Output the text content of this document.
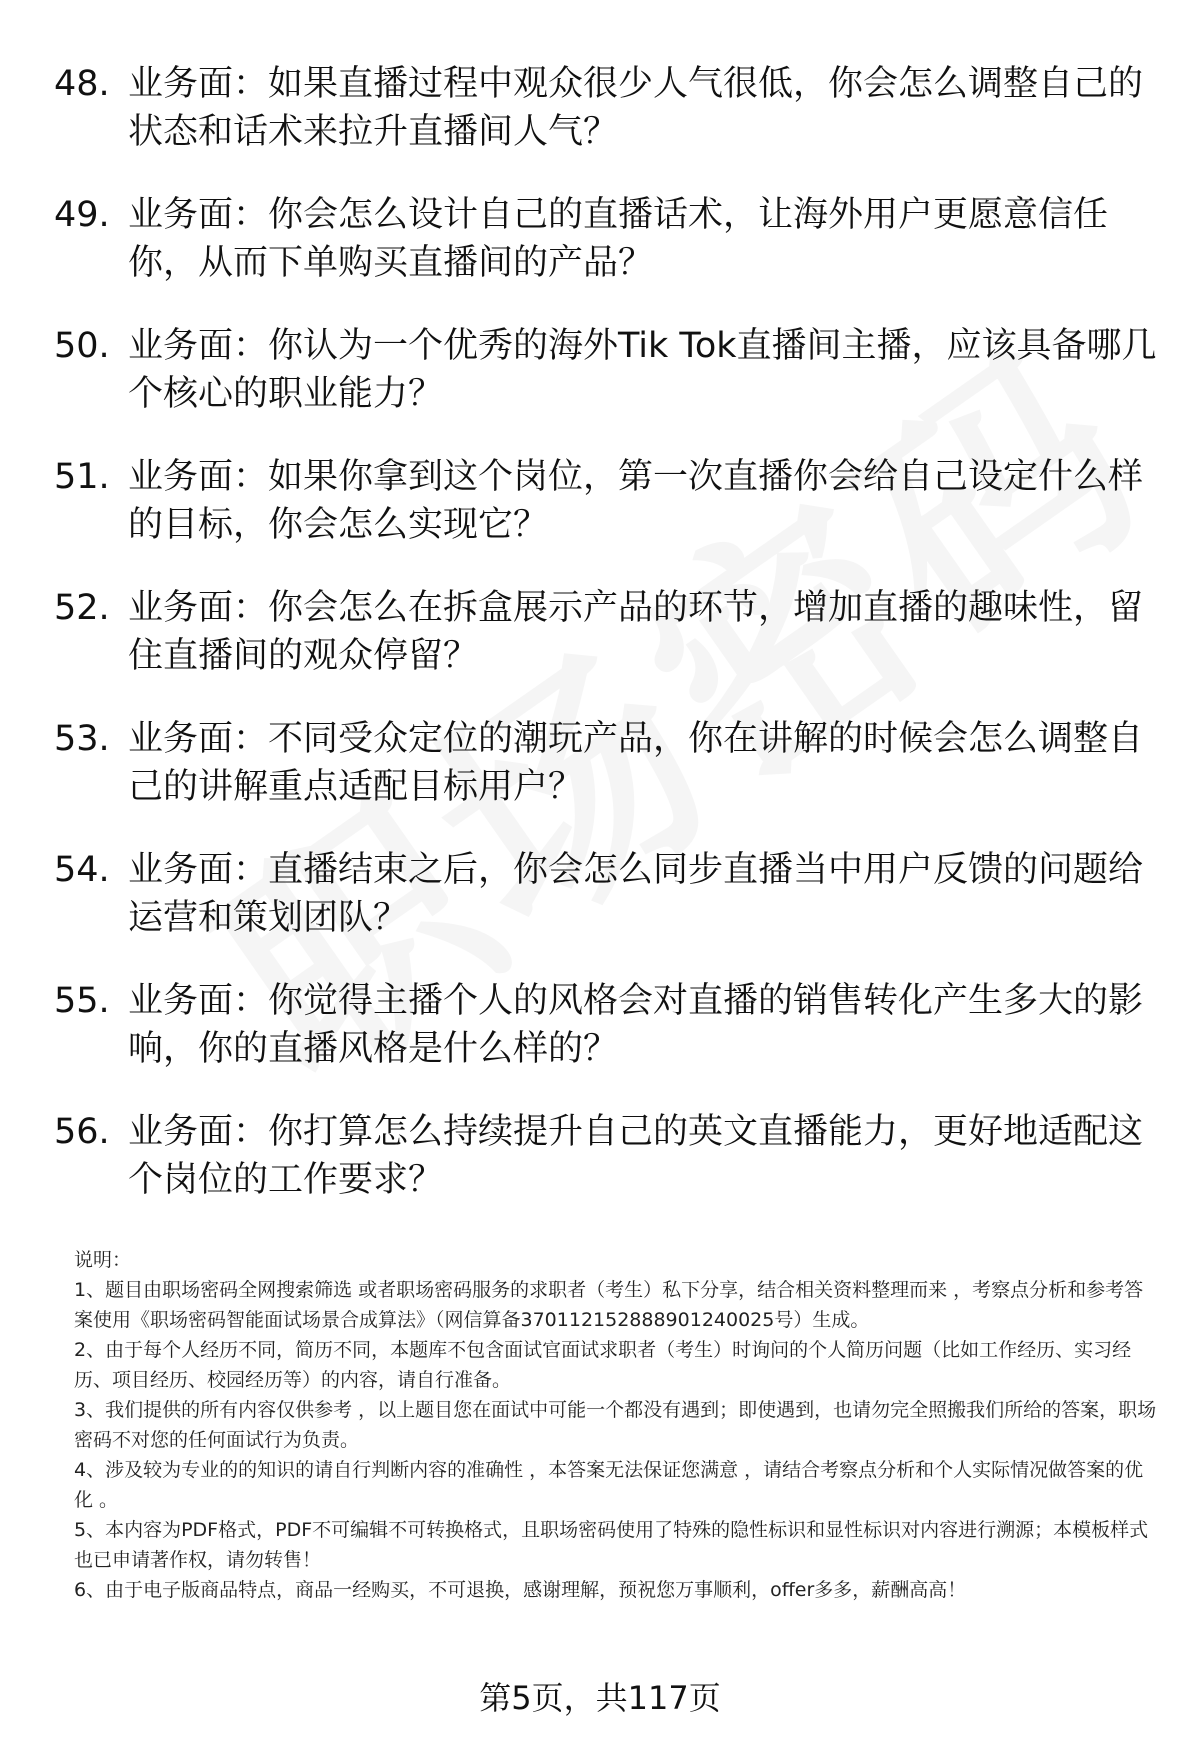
48. 业务面：如果直播过程中观众很少人气很低，你会怎么调整自己的状态和话术来拉升直播间人气？
49. 业务面：你会怎么设计自己的直播话术，让海外用户更愿意信任你，从而下单购买直播间的产品？
50. 业务面：你认为一个优秀的海外Tik Tok直播间主播，应该具备哪几个核心的职业能力？
51. 业务面：如果你拿到这个岗位，第一次直播你会给自己设定什么样的目标，你会怎么实现它？
52. 业务面：你会怎么在拆盒展示产品的环节，增加直播的趣味性，留住直播间的观众停留？
53. 业务面：不同受众定位的潮玩产品，你在讲解的时候会怎么调整自己的讲解重点适配目标用户？
54. 业务面：直播结束之后，你会怎么同步直播当中用户反馈的问题给运营和策划团队？
55. 业务面：你觉得主播个人的风格会对直播的销售转化产生多大的影响，你的直播风格是什么样的？
56. 业务面：你打算怎么持续提升自己的英文直播能力，更好地适配这个岗位的工作要求？

说明：

1、题目由职场密码全网搜索筛选 或者职场密码服务的求职者（考生）私下分享，结合相关资料整理而来 ，考察点分析和参考答案使用《职场密码智能面试场景合成算法》（网信算备370112152888901240025号）生成。

2、由于每个人经历不同，简历不同，本题库不包含面试官面试求职者（考生）时询问的个人简历问题（比如工作经历、实习经历、项目经历、校园经历等）的内容，请自行准备。

3、我们提供的所有内容仅供参考 ，以上题目您在面试中可能一个都没有遇到；即使遇到，也请勿完全照搬我们所给的答案，职场密码不对您的任何面试行为负责。

4、涉及较为专业的的知识的请自行判断内容的准确性 ，本答案无法保证您满意 ，请结合考察点分析和个人实际情况做答案的优化 。

5、本内容为PDF格式，PDF不可编辑不可转换格式，且职场密码使用了特殊的隐性标识和显性标识对内容进行溯源；本模板样式也已申请著作权，请勿转售！

6、由于电子版商品特点，商品一经购买，不可退换，感谢理解，预祝您万事顺利，offer多多，薪酬高高！

第5页，共117页
